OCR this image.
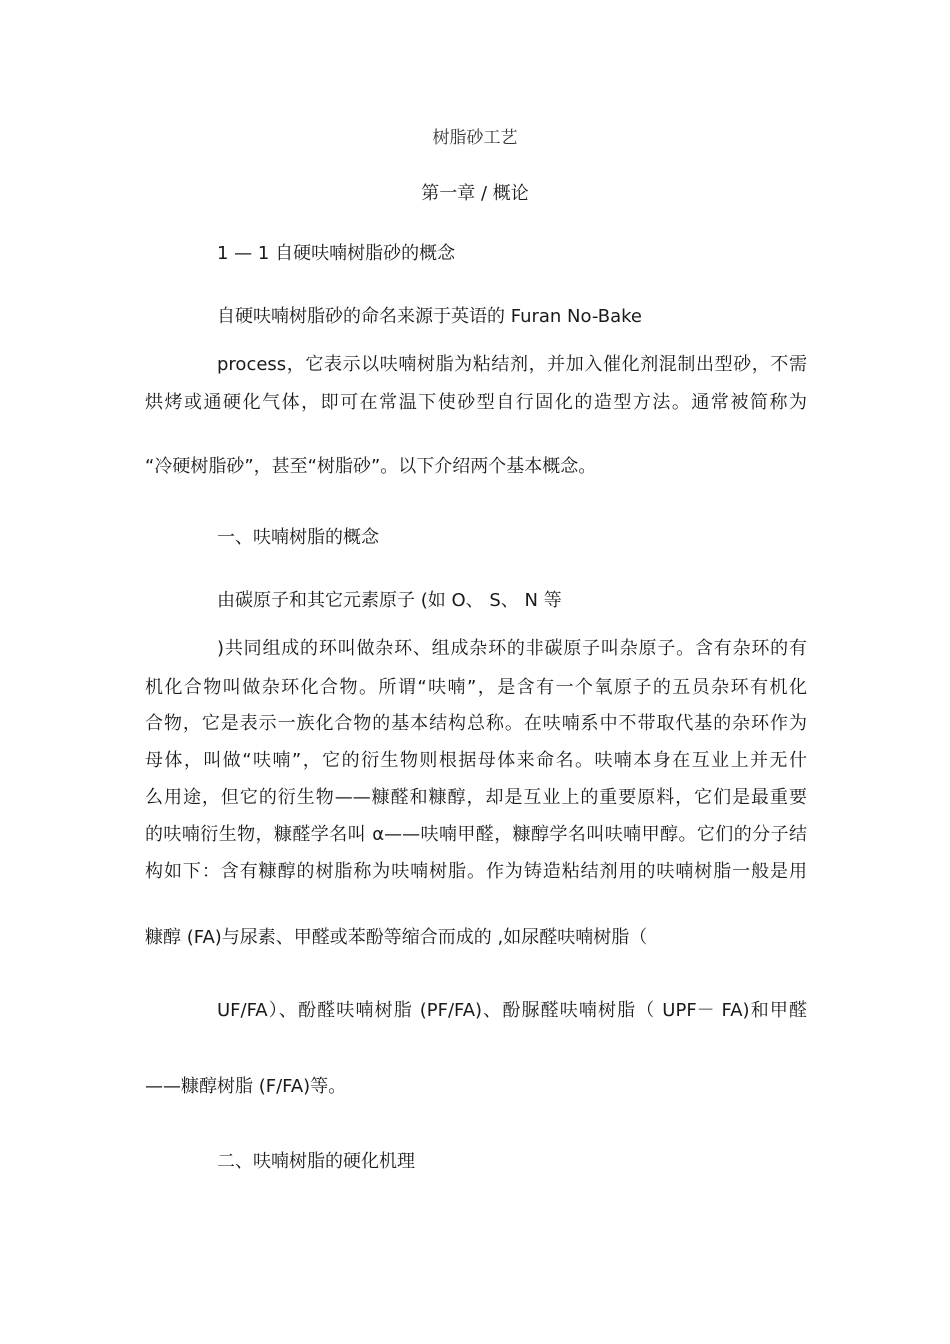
树脂砂工艺
第一章 / 概论
1 — 1 自硬呋喃树脂砂的概念
自硬呋喃树脂砂的命名来源于英语的 Furan No-Bake
process，它表示以呋喃树脂为粘结剂，并加入催化剂混制出型砂，不需
烘烤或通硬化气体，即可在常温下使砂型自行固化的造型方法。通常被简称为
“冷硬树脂砂”，甚至“树脂砂”。以下介绍两个基本概念。
一、呋喃树脂的概念
由碳原子和其它元素原子 (如 O、 S、 N 等
)共同组成的环叫做杂环、组成杂环的非碳原子叫杂原子。含有杂环的有
机化合物叫做杂环化合物。所谓“呋喃”，是含有一个氧原子的五员杂环有机化
合物，它是表示一族化合物的基本结构总称。在呋喃系中不带取代基的杂环作为
母体，叫做“呋喃”，它的衍生物则根据母体来命名。呋喃本身在互业上并无什
么用途，但它的衍生物——糠醛和糠醇，却是互业上的重要原料，它们是最重要
的呋喃衍生物，糠醛学名叫 α——呋喃甲醛，糠醇学名叫呋喃甲醇。它们的分子结
构如下：含有糠醇的树脂称为呋喃树脂。作为铸造粘结剂用的呋喃树脂一般是用
糠醇 (FA)与尿素、甲醛或苯酚等缩合而成的 ,如尿醛呋喃树脂（
UF/FA）、酚醛呋喃树脂 (PF/FA)、酚脲醛呋喃树脂（ UPF－ FA)和甲醛
——糠醇树脂 (F/FA)等。
二、呋喃树脂的硬化机理
